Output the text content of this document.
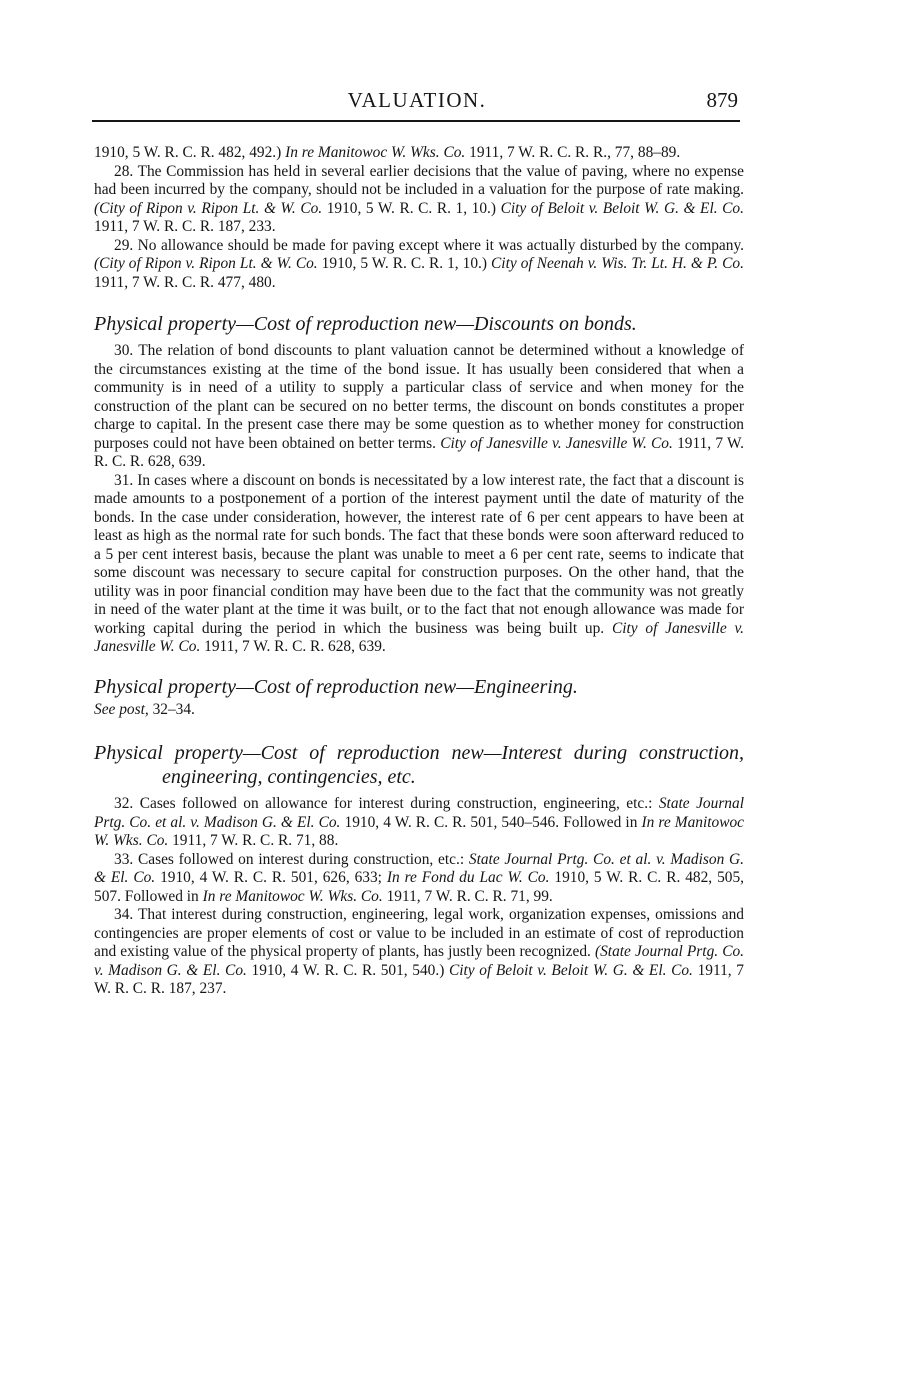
VALUATION.	879

1910, 5 W. R. C. R. 482, 492.) In re Manitowoc W. Wks. Co. 1911, 7 W. R. C. R. R., 77, 88–89.

28. The Commission has held in several earlier decisions that the value of paving, where no expense had been incurred by the company, should not be included in a valuation for the purpose of rate making. (City of Ripon v. Ripon Lt. & W. Co. 1910, 5 W. R. C. R. 1, 10.) City of Beloit v. Beloit W. G. & El. Co. 1911, 7 W. R. C. R. 187, 233.

29. No allowance should be made for paving except where it was actually disturbed by the company. (City of Ripon v. Ripon Lt. & W. Co. 1910, 5 W. R. C. R. 1, 10.) City of Neenah v. Wis. Tr. Lt. H. & P. Co. 1911, 7 W. R. C. R. 477, 480.

Physical property—Cost of reproduction new—Discounts on bonds.

30. The relation of bond discounts to plant valuation cannot be determined without a knowledge of the circumstances existing at the time of the bond issue. It has usually been considered that when a community is in need of a utility to supply a particular class of service and when money for the construction of the plant can be secured on no better terms, the discount on bonds constitutes a proper charge to capital. In the present case there may be some question as to whether money for construction purposes could not have been obtained on better terms. City of Janesville v. Janesville W. Co. 1911, 7 W. R. C. R. 628, 639.

31. In cases where a discount on bonds is necessitated by a low interest rate, the fact that a discount is made amounts to a postponement of a portion of the interest payment until the date of maturity of the bonds. In the case under consideration, however, the interest rate of 6 per cent appears to have been at least as high as the normal rate for such bonds. The fact that these bonds were soon afterward reduced to a 5 per cent interest basis, because the plant was unable to meet a 6 per cent rate, seems to indicate that some discount was necessary to secure capital for construction purposes. On the other hand, that the utility was in poor financial condition may have been due to the fact that the community was not greatly in need of the water plant at the time it was built, or to the fact that not enough allowance was made for working capital during the period in which the business was being built up. City of Janesville v. Janesville W. Co. 1911, 7 W. R. C. R. 628, 639.

Physical property—Cost of reproduction new—Engineering.

See post, 32–34.

Physical property—Cost of reproduction new—Interest during construction, engineering, contingencies, etc.

32. Cases followed on allowance for interest during construction, engineering, etc.: State Journal Prtg. Co. et al. v. Madison G. & El. Co. 1910, 4 W. R. C. R. 501, 540–546. Followed in In re Manitowoc W. Wks. Co. 1911, 7 W. R. C. R. 71, 88.

33. Cases followed on interest during construction, etc.: State Journal Prtg. Co. et al. v. Madison G. & El. Co. 1910, 4 W. R. C. R. 501, 626, 633; In re Fond du Lac W. Co. 1910, 5 W. R. C. R. 482, 505, 507. Followed in In re Manitowoc W. Wks. Co. 1911, 7 W. R. C. R. 71, 99.

34. That interest during construction, engineering, legal work, organization expenses, omissions and contingencies are proper elements of cost or value to be included in an estimate of cost of reproduction and existing value of the physical property of plants, has justly been recognized. (State Journal Prtg. Co. v. Madison G. & El. Co. 1910, 4 W. R. C. R. 501, 540.) City of Beloit v. Beloit W. G. & El. Co. 1911, 7 W. R. C. R. 187, 237.
